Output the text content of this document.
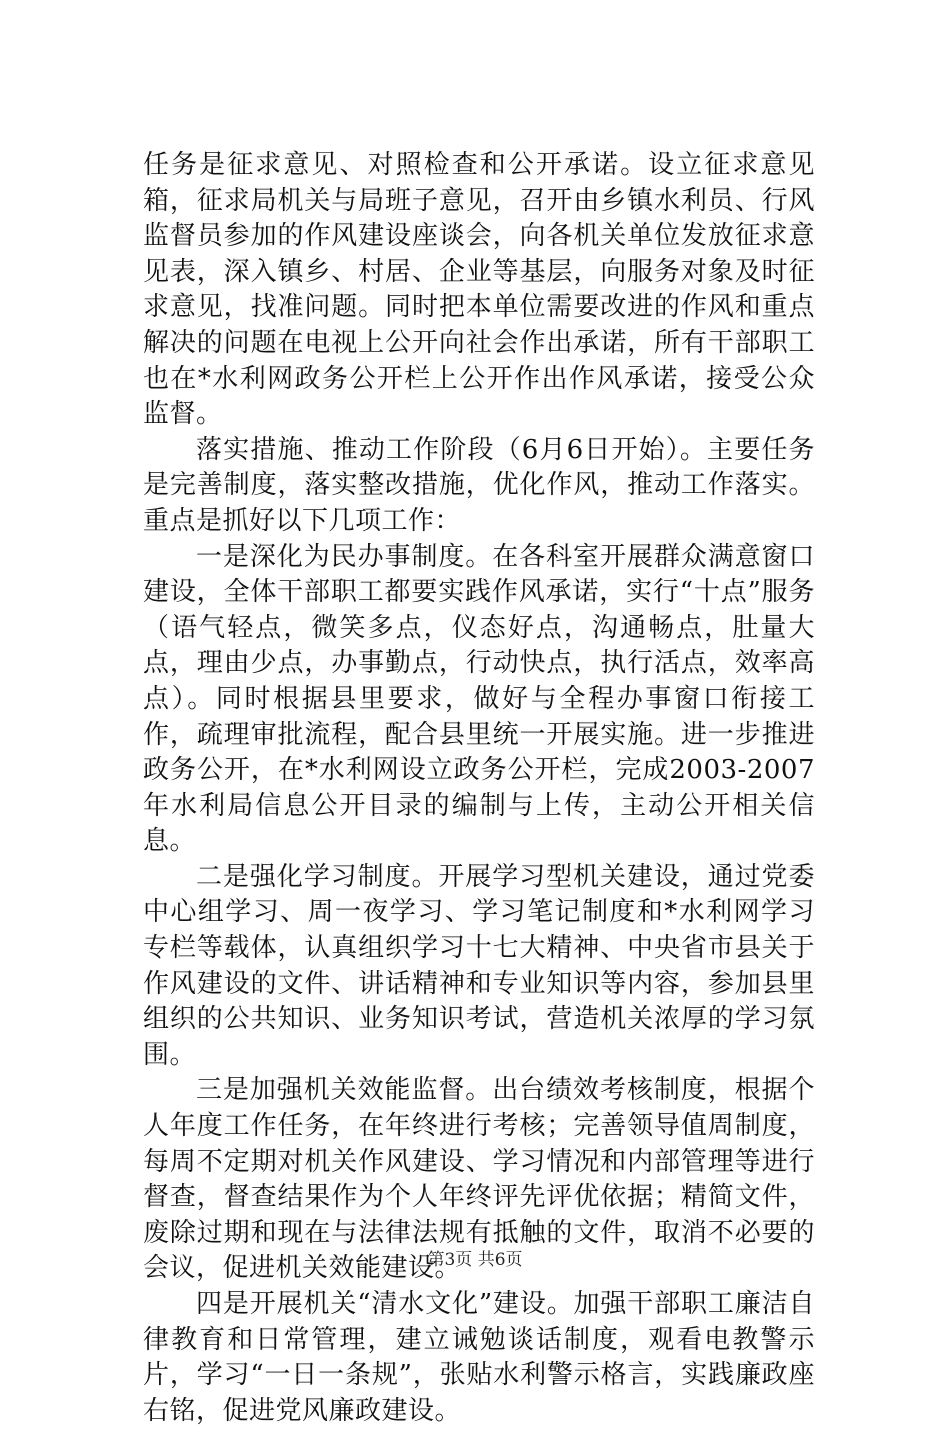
任务是征求意见、对照检查和公开承诺。设立征求意见箱，征求局机关与局班子意见，召开由乡镇水利员、行风监督员参加的作风建设座谈会，向各机关单位发放征求意见表，深入镇乡、村居、企业等基层，向服务对象及时征求意见，找准问题。同时把本单位需要改进的作风和重点解决的问题在电视上公开向社会作出承诺，所有干部职工也在*水利网政务公开栏上公开作出作风承诺，接受公众监督。

落实措施、推动工作阶段（6月6日开始）。主要任务是完善制度，落实整改措施，优化作风，推动工作落实。重点是抓好以下几项工作：

一是深化为民办事制度。在各科室开展群众满意窗口建设，全体干部职工都要实践作风承诺，实行“十点”服务（语气轻点，微笑多点，仪态好点，沟通畅点，肚量大点，理由少点，办事勤点，行动快点，执行活点，效率高点）。同时根据县里要求，做好与全程办事窗口衔接工作，疏理审批流程，配合县里统一开展实施。进一步推进政务公开，在*水利网设立政务公开栏，完成2003-2007年水利局信息公开目录的编制与上传，主动公开相关信息。

二是强化学习制度。开展学习型机关建设，通过党委中心组学习、周一夜学习、学习笔记制度和*水利网学习专栏等载体，认真组织学习十七大精神、中央省市县关于作风建设的文件、讲话精神和专业知识等内容，参加县里组织的公共知识、业务知识考试，营造机关浓厚的学习氛围。

三是加强机关效能监督。出台绩效考核制度，根据个人年度工作任务，在年终进行考核；完善领导值周制度，每周不定期对机关作风建设、学习情况和内部管理等进行督查，督查结果作为个人年终评先评优依据；精简文件，废除过期和现在与法律法规有抵触的文件，取消不必要的会议，促进机关效能建设。

四是开展机关“清水文化”建设。加强干部职工廉洁自律教育和日常管理，建立诫勉谈话制度，观看电教警示片，学习“一日一条规”，张贴水利警示格言，实践廉政座右铭，促进党风廉政建设。

第3页 共6页
